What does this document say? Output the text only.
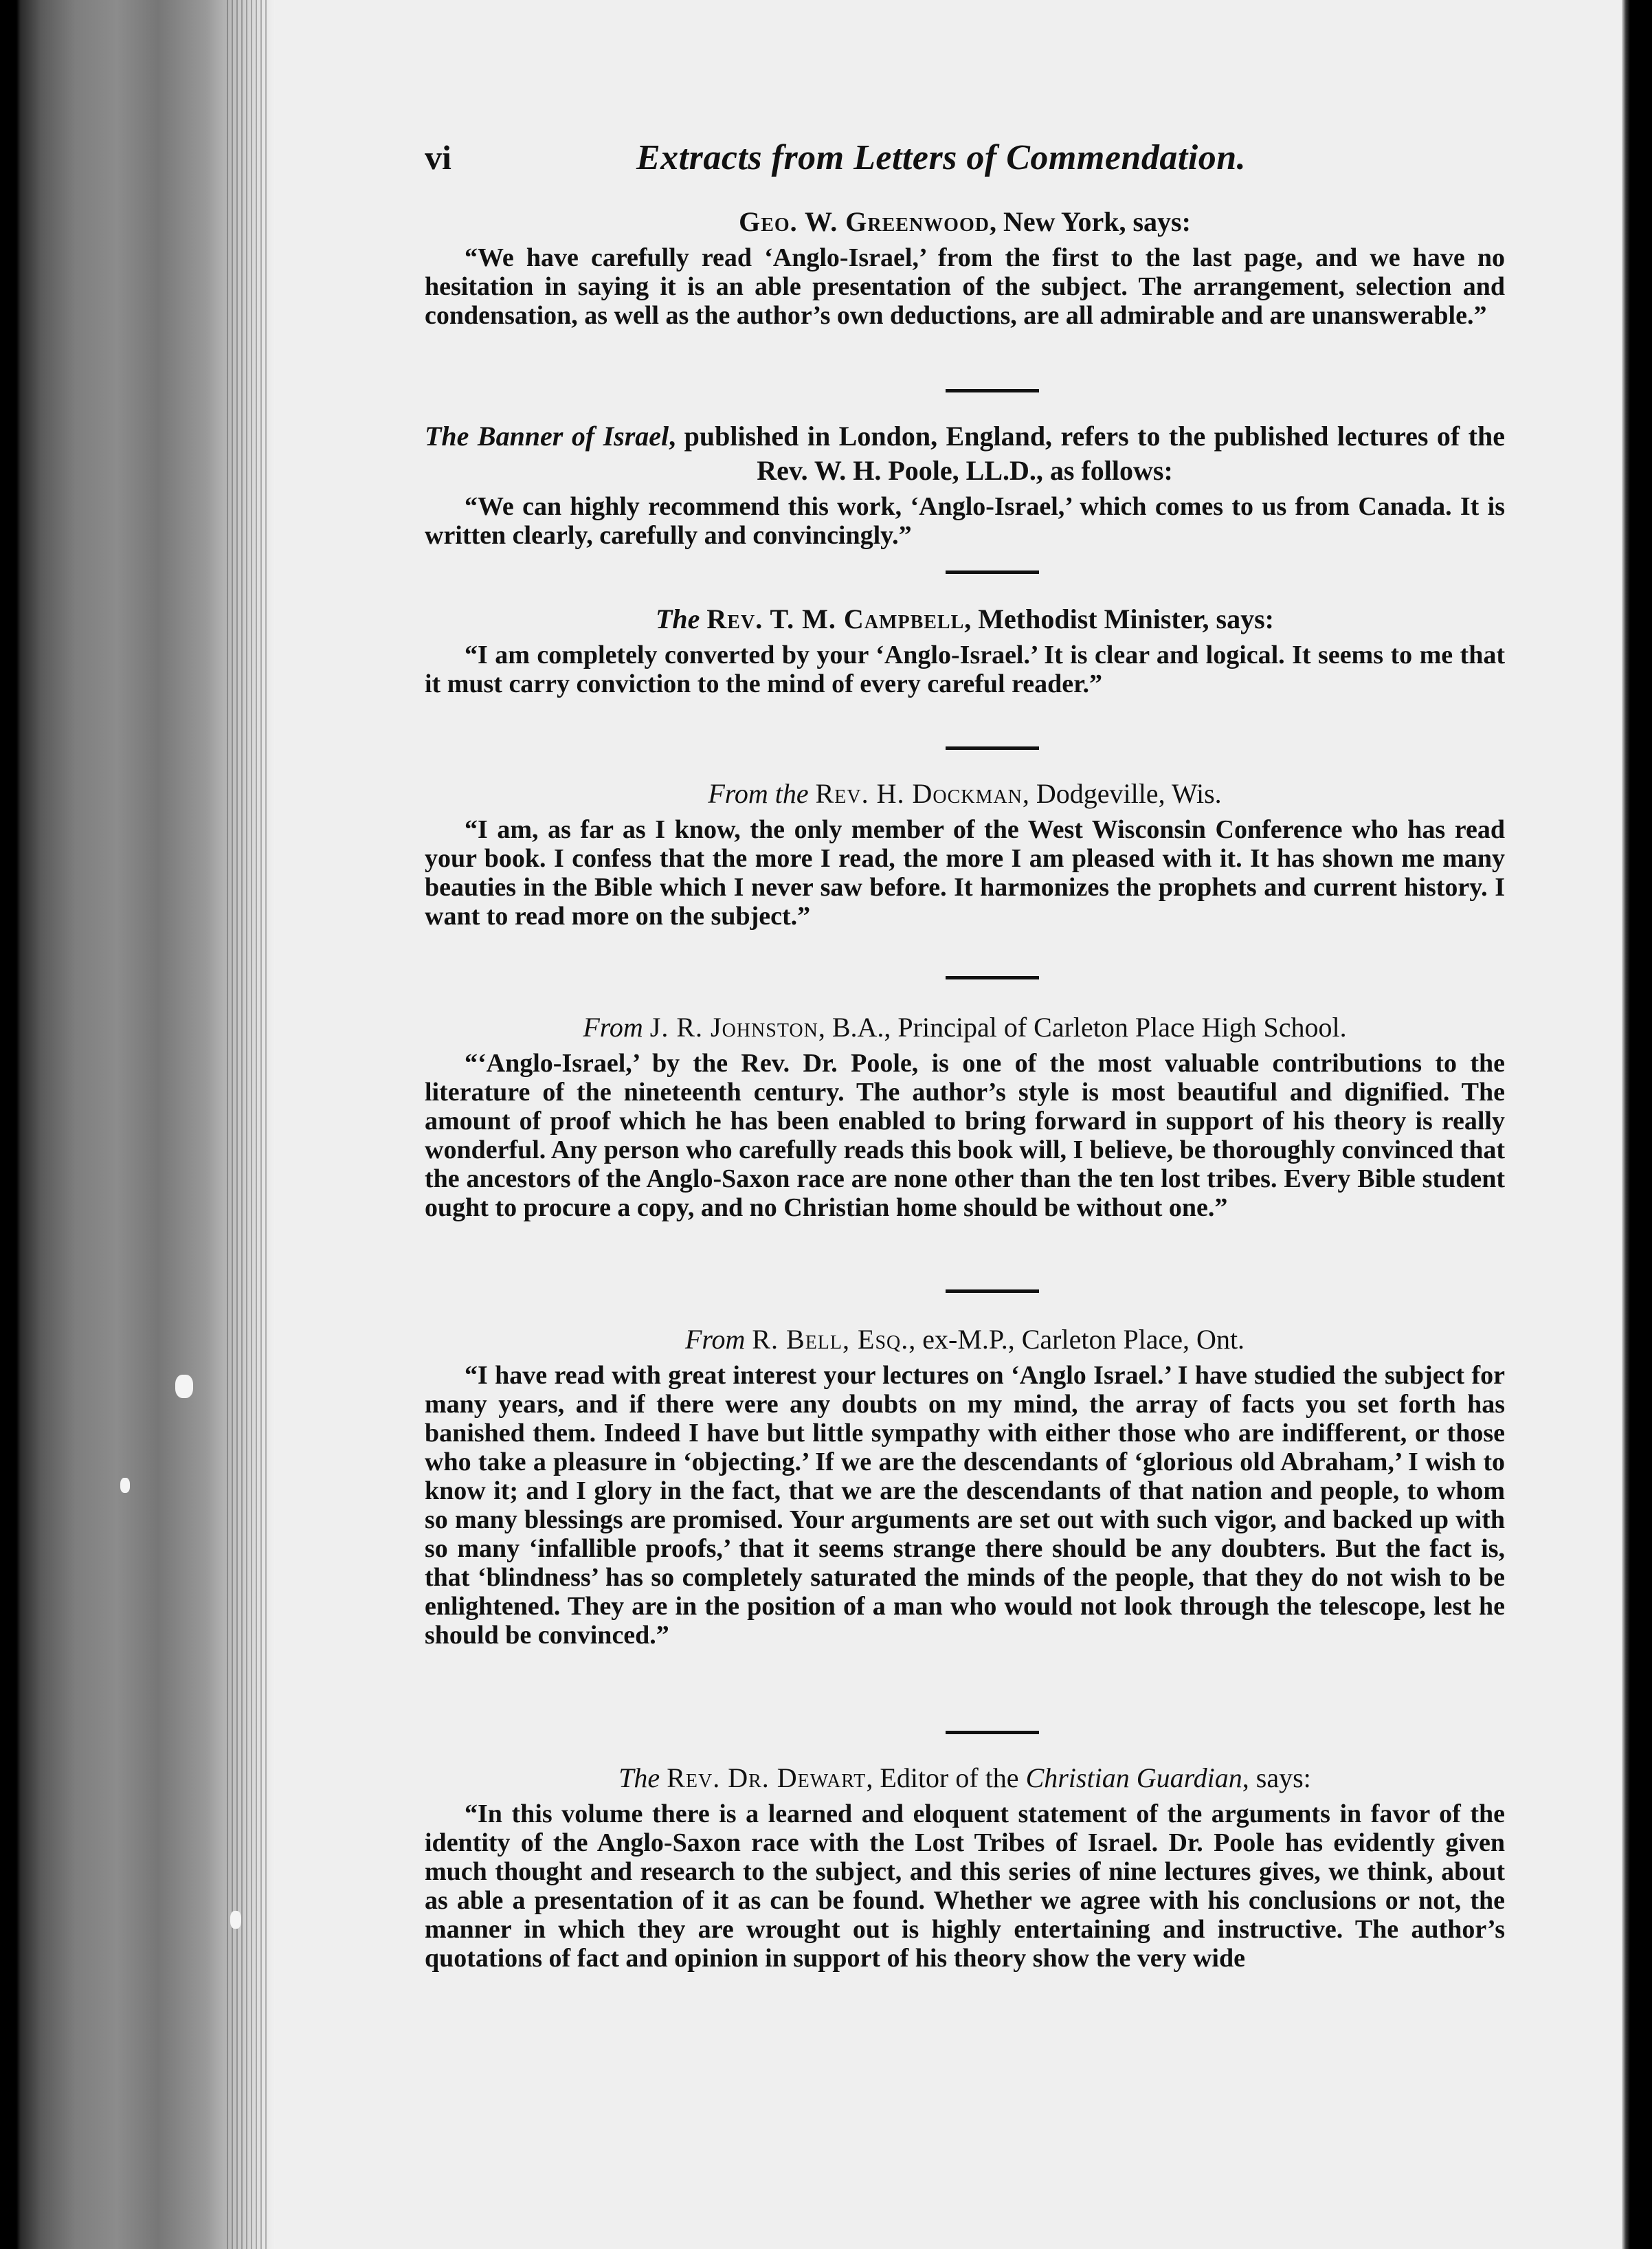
vi	Extracts from Letters of Commendation.

Geo. W. Greenwood, New York, says:

“We have carefully read ‘Anglo-Israel,’ from the first to the last page, and we have no hesitation in saying it is an able presentation of the subject. The arrangement, selection and condensation, as well as the author’s own deductions, are all admirable and are unanswerable.”

The Banner of Israel, published in London, England, refers to the published lectures of the Rev. W. H. Poole, LL.D., as follows:

“We can highly recommend this work, ‘Anglo-Israel,’ which comes to us from Canada. It is written clearly, carefully and convincingly.”

The Rev. T. M. Campbell, Methodist Minister, says:

“I am completely converted by your ‘Anglo-Israel.’ It is clear and logical. It seems to me that it must carry conviction to the mind of every careful reader.”

From the Rev. H. Dockman, Dodgeville, Wis.

“I am, as far as I know, the only member of the West Wisconsin Conference who has read your book. I confess that the more I read, the more I am pleased with it. It has shown me many beauties in the Bible which I never saw before. It harmonizes the prophets and current history. I want to read more on the subject.”

From J. R. Johnston, B.A., Principal of Carleton Place High School.

“‘Anglo-Israel,’ by the Rev. Dr. Poole, is one of the most valuable contributions to the literature of the nineteenth century. The author’s style is most beautiful and dignified. The amount of proof which he has been enabled to bring forward in support of his theory is really wonderful. Any person who carefully reads this book will, I believe, be thoroughly convinced that the ancestors of the Anglo-Saxon race are none other than the ten lost tribes. Every Bible student ought to procure a copy, and no Christian home should be without one.”

From R. Bell, Esq., ex-M.P., Carleton Place, Ont.

“I have read with great interest your lectures on ‘Anglo Israel.’ I have studied the subject for many years, and if there were any doubts on my mind, the array of facts you set forth has banished them. Indeed I have but little sympathy with either those who are indifferent, or those who take a pleasure in ‘objecting.’ If we are the descendants of ‘glorious old Abraham,’ I wish to know it; and I glory in the fact, that we are the descendants of that nation and people, to whom so many blessings are promised. Your arguments are set out with such vigor, and backed up with so many ‘infallible proofs,’ that it seems strange there should be any doubters. But the fact is, that ‘blindness’ has so completely saturated the minds of the people, that they do not wish to be enlightened. They are in the position of a man who would not look through the telescope, lest he should be convinced.”

The Rev. Dr. Dewart, Editor of the Christian Guardian, says:

“In this volume there is a learned and eloquent statement of the arguments in favor of the identity of the Anglo-Saxon race with the Lost Tribes of Israel. Dr. Poole has evidently given much thought and research to the subject, and this series of nine lectures gives, we think, about as able a presentation of it as can be found. Whether we agree with his conclusions or not, the manner in which they are wrought out is highly entertaining and instructive. The author’s quotations of fact and opinion in support of his theory show the very wide
